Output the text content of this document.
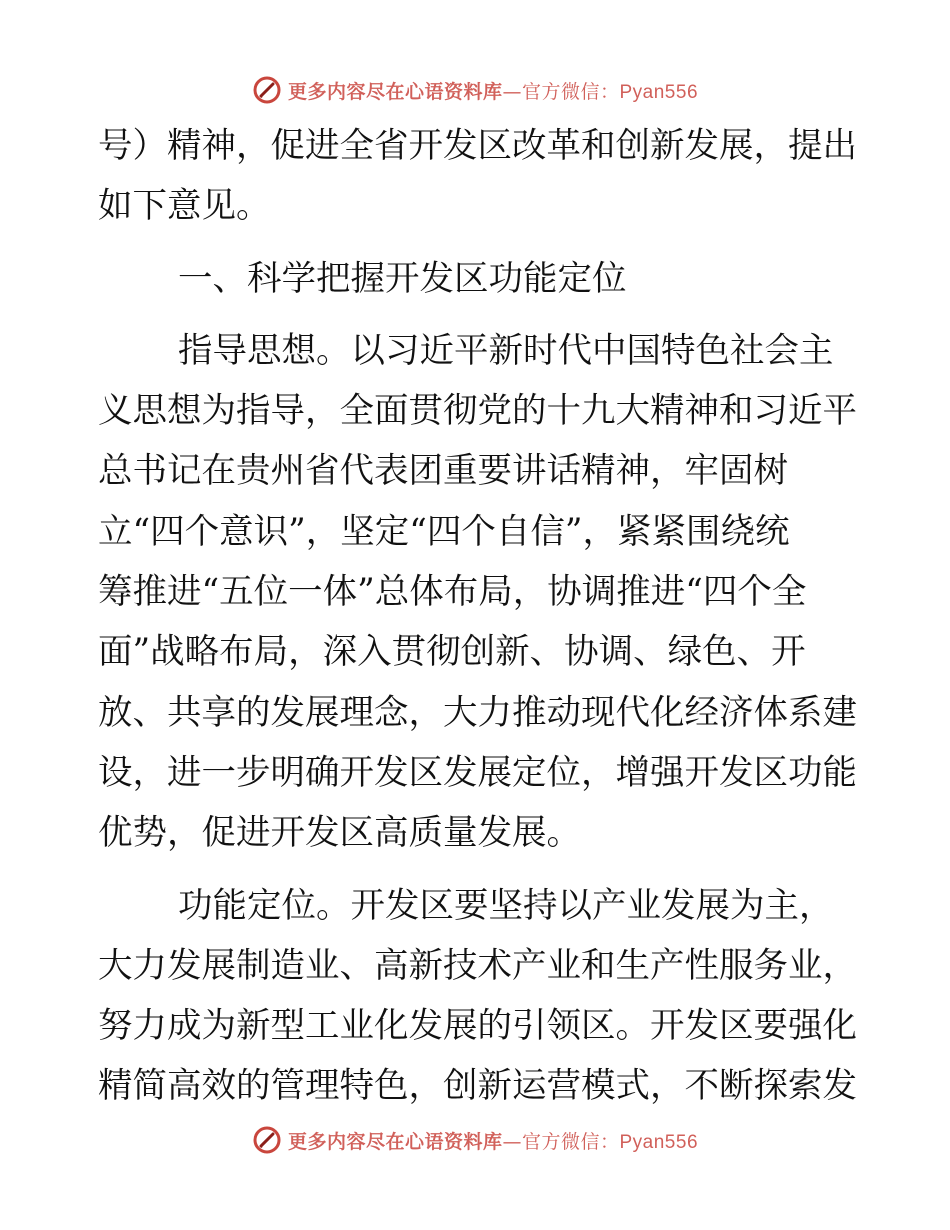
更多内容尽在心语资料库—官方微信：Pyan556
号）精神，促进全省开发区改革和创新发展，提出
如下意见。
一、科学把握开发区功能定位
指导思想。以习近平新时代中国特色社会主
义思想为指导，全面贯彻党的十九大精神和习近平
总书记在贵州省代表团重要讲话精神，牢固树
立“四个意识”，坚定“四个自信”，紧紧围绕统
筹推进“五位一体”总体布局，协调推进“四个全
面”战略布局，深入贯彻创新、协调、绿色、开
放、共享的发展理念，大力推动现代化经济体系建
设，进一步明确开发区发展定位，增强开发区功能
优势，促进开发区高质量发展。
功能定位。开发区要坚持以产业发展为主，
大力发展制造业、高新技术产业和生产性服务业，
努力成为新型工业化发展的引领区。开发区要强化
精简高效的管理特色，创新运营模式，不断探索发
更多内容尽在心语资料库—官方微信：Pyan556
